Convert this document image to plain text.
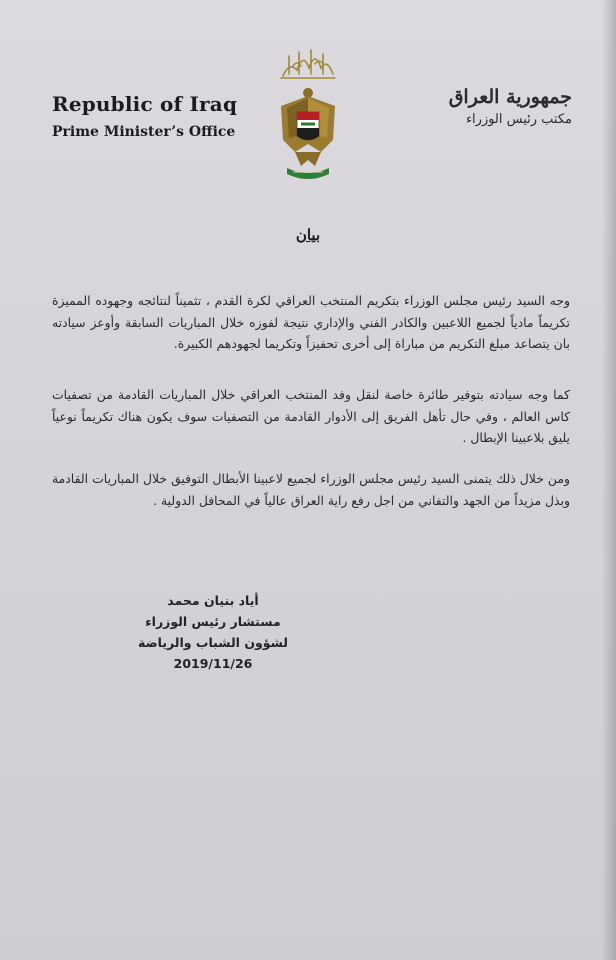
Republic of Iraq
Prime Minister’s Office
جمهورية العراق
مكتب رئيس الوزراء
بيان
وجه السيد رئيس مجلس الوزراء بتكريم المنتخب العراقي لكرة القدم ، تثميناً لنتائجه وجهوده المميزة تكريماً مادياً لجميع اللاعبين والكادر الفني والإداري نتيجة لفوزه خلال المباريات السابقة وأوعز سيادته بان يتصاعد مبلغ التكريم من مباراة إلى أخرى تحفيزاً وتكريما لجهودهم الكبيرة.
كما وجه سيادته بتوفير طائرة خاصة لنقل وفد المنتخب العراقي خلال المباريات القادمة من تصفيات كاس العالم ، وفي حال تأهل الفريق إلى الأدوار القادمة من التصفيات سوف يكون هناك تكريماً نوعياً يليق بلاعبينا الإبطال .
ومن خلال ذلك يتمنى السيد رئيس مجلس الوزراء لجميع لاعبينا الأبطال التوفيق خلال المباريات القادمة وبذل مزيداً من الجهد والتفاني من اجل رفع راية العراق عالياً في المحافل الدولية .
أياد بنيان محمد
مستشار رئيس الوزراء
لشؤون الشباب والرياضة
2019/11/26
